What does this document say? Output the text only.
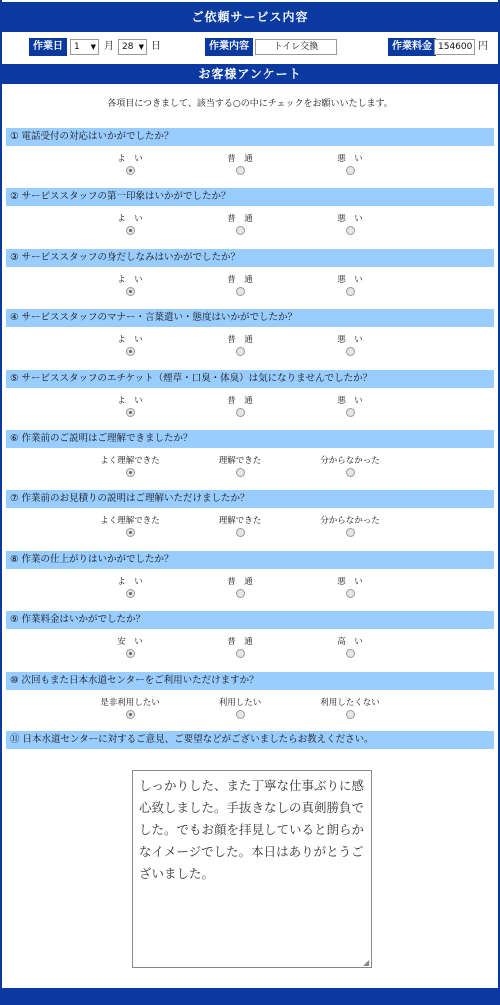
ご依頼サービス内容
作業日	1 ▼ 月 28 ▼ 日	作業内容	トイレ交換	作業料金 154600 円
お客様アンケート
各項目につきまして、該当する○の中にチェックをお願いいたします。
① 電話受付の対応はいかがでしたか？
よ　い	普　通	悪　い
② サービススタッフの第一印象はいかがでしたか？
よ　い	普　通	悪　い
③ サービススタッフの身だしなみはいかがでしたか？
よ　い	普　通	悪　い
④ サービススタッフのマナー・言葉遣い・態度はいかがでしたか？
よ　い	普　通	悪　い
⑤ サービススタッフのエチケット（煙草・口臭・体臭）は気になりませんでしたか？
よ　い	普　通	悪　い
⑥ 作業前のご説明はご理解できましたか？
よく理解できた	理解できた	分からなかった
⑦ 作業前のお見積りの説明はご理解いただけましたか？
よく理解できた	理解できた	分からなかった
⑧ 作業の仕上がりはいかがでしたか？
よ　い	普　通	悪　い
⑨ 作業料金はいかがでしたか？
安　い	普　通	高　い
⑩ 次回もまた日本水道センターをご利用いただけますか？
是非利用したい	利用したい	利用したくない
⑪ 日本水道センターに対するご意見、ご要望などがございましたらお教えください。
しっかりした、また丁寧な仕事ぶりに感心致しました。手抜きなしの真剣勝負でした。でもお顔を拝見していると朗らかなイメージでした。本日はありがとうございました。
◢
